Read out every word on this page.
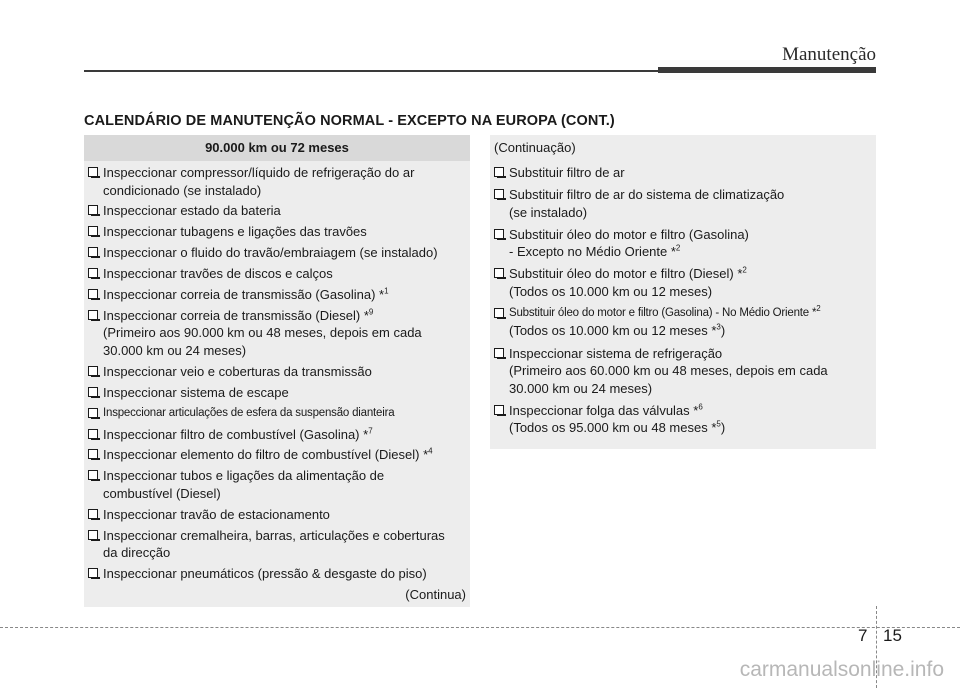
Manutenção
CALENDÁRIO DE MANUTENÇÃO NORMAL - EXCEPTO NA EUROPA (CONT.)
90.000 km ou 72 meses
Inspeccionar compressor/líquido de refrigeração do ar
condicionado (se instalado)
Inspeccionar estado da bateria
Inspeccionar tubagens e ligações das travões
Inspeccionar o fluido do travão/embraiagem (se instalado)
Inspeccionar travões de discos e calços
Inspeccionar correia de transmissão (Gasolina) *$^1$
Inspeccionar correia de transmissão (Diesel) *$^9$
(Primeiro aos 90.000 km ou 48 meses, depois em cada
30.000 km ou 24 meses)
Inspeccionar veio e coberturas da transmissão
Inspeccionar sistema de escape
Inspeccionar articulações de esfera da suspensão dianteira
Inspeccionar filtro de combustível (Gasolina) *$^7$
Inspeccionar elemento do filtro de combustível (Diesel) *$^4$
Inspeccionar tubos e ligações da alimentação de
combustível (Diesel)
Inspeccionar travão de estacionamento
Inspeccionar cremalheira, barras, articulações e coberturas
da direcção
Inspeccionar pneumáticos (pressão & desgaste do piso)
(Continua)
(Continuação)
Substituir filtro de ar
Substituir filtro de ar do sistema de climatização
(se instalado)
Substituir óleo do motor e filtro (Gasolina)
- Excepto no Médio Oriente *$^2$
Substituir óleo do motor e filtro (Diesel) *$^2$
(Todos os 10.000 km ou 12 meses)
Substituir óleo do motor e filtro (Gasolina) - No Médio Oriente *$^2$
(Todos os 10.000 km ou 12 meses *$^3$)
Inspeccionar sistema de refrigeração
(Primeiro aos 60.000 km ou 48 meses, depois em cada
30.000 km ou 24 meses)
Inspeccionar folga das válvulas *$^6$
(Todos os 95.000 km ou 48 meses *$^5$)
7 15
carmanualsonline.info
